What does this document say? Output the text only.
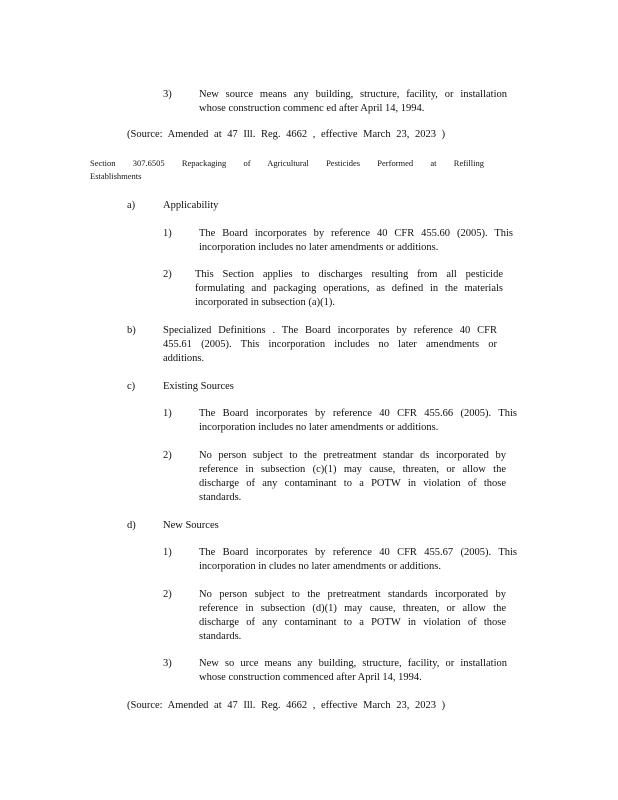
3)	New source means any building, structure, facility, or installation
whose construction commenc ed after April 14, 1994.
(Source: Amended at 47 Ill. Reg. 4662 , effective March 23, 2023 )
Section 307.6505 Repackaging of Agricultural Pesticides Performed at Refilling
Establishments
a)	Applicability
1)	The Board incorporates by reference 40 CFR 455.60 (2005). This
incorporation includes no later amendments or additions.
2) This Section applies to discharges resulting from all pesticide
formulating and packaging operations, as defined in the materials
incorporated in subsection (a)(1).
b)	Specialized Definitions . The Board incorporates by reference 40 CFR
455.61 (2005). This incorporation includes no later amendments or
additions.
c)	Existing Sources
1)	The Board incorporates by reference 40 CFR 455.66 (2005). This
incorporation includes no later amendments or additions.
2)	No person subject to the pretreatment standar ds incorporated by
reference in subsection (c)(1) may cause, threaten, or allow the
discharge of any contaminant to a POTW in violation of those
standards.
d)	New Sources
1)	The Board incorporates by reference 40 CFR 455.67 (2005). This
incorporation in cludes no later amendments or additions.
2)	No person subject to the pretreatment standards incorporated by
reference in subsection (d)(1) may cause, threaten, or allow the
discharge of any contaminant to a POTW in violation of those
standards.
3)	New so urce means any building, structure, facility, or installation
whose construction commenced after April 14, 1994.
(Source: Amended at 47 Ill. Reg. 4662 , effective March 23, 2023 )
